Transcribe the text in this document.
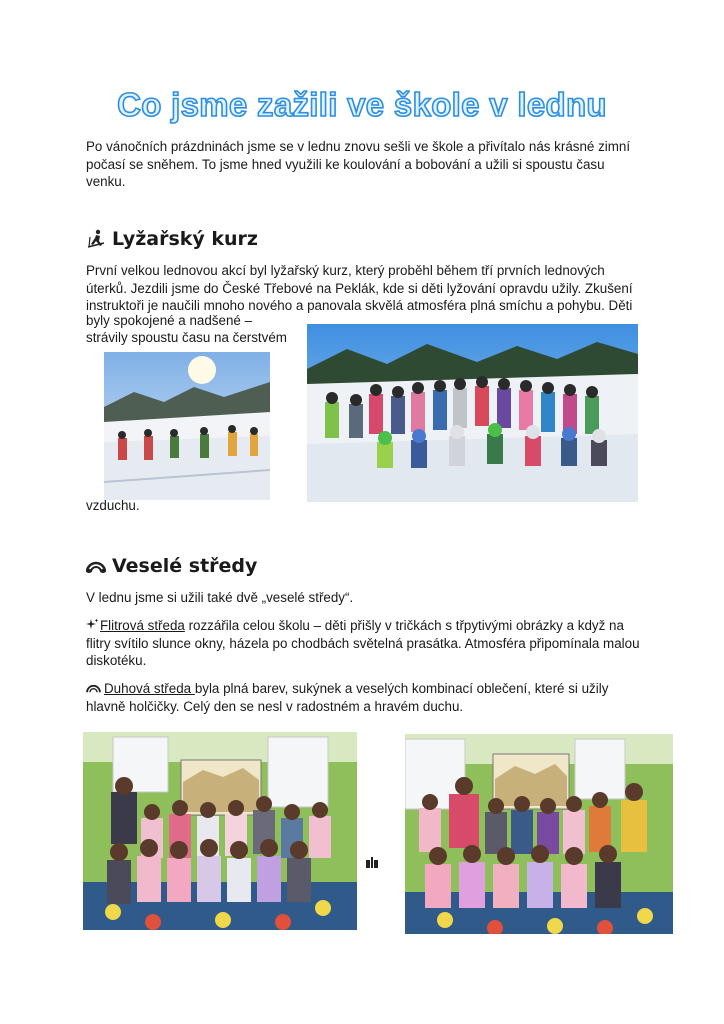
Co jsme zažili ve škole v lednu
Po vánočních prázdninách jsme se v lednu znovu sešli ve škole a přivítalo nás krásné zimní počasí se sněhem. To jsme hned využili ke koulování a bobování a užili si spoustu času venku.
Lyžařský kurz
První velkou lednovou akcí byl lyžařský kurz, který proběhl během tří prvních lednových úterků. Jezdili jsme do České Třebové na Peklák, kde si děti lyžování opravdu užily. Zkušení instruktoři je naučili mnoho nového a panovala skvělá atmosféra plná smíchu a pohybu. Děti
byly spokojené a nadšené –
strávily spoustu času na čerstvém
vzduchu.
Veselé středy
V lednu jsme si užili také dvě „veselé středy“.
Flitrová středa rozzářila celou školu – děti přišly v tričkách s třpytivými obrázky a když na flitry svítilo slunce okny, házela po chodbách světelná prasátka. Atmosféra připomínala malou diskotéku.
Duhová středa byla plná barev, sukýnek a veselých kombinací oblečení, které si užily hlavně holčičky. Celý den se nesl v radostném a hravém duchu.
